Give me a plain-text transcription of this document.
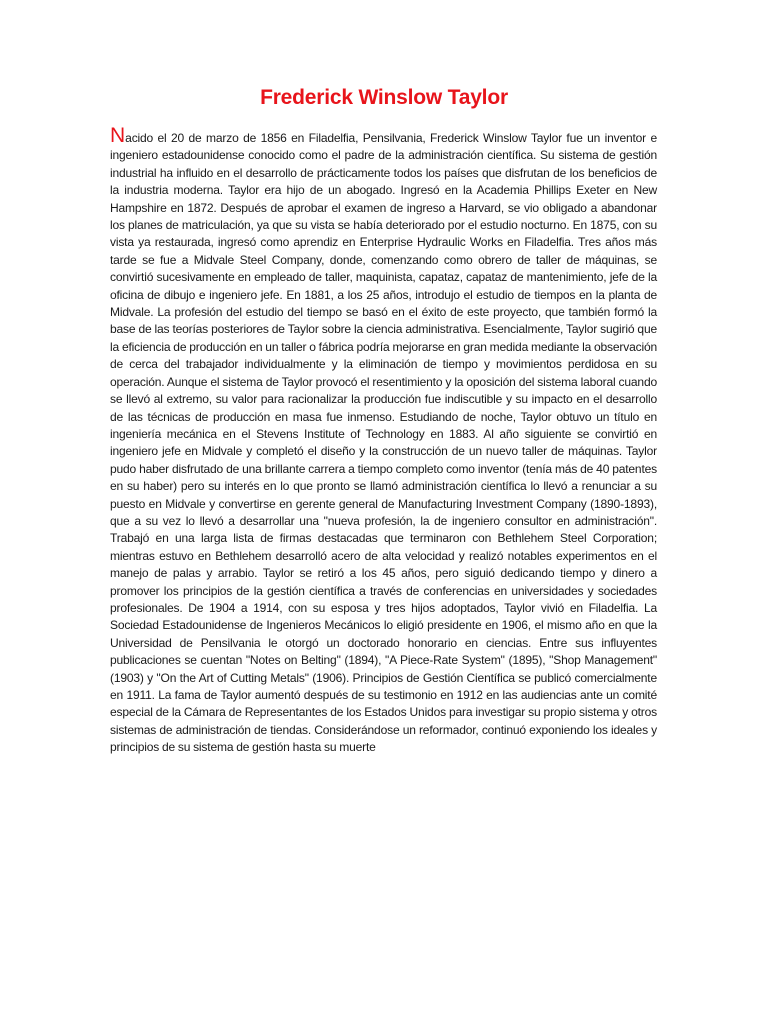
Frederick Winslow Taylor

Nacido el 20 de marzo de 1856 en Filadelfia, Pensilvania, Frederick Winslow Taylor fue un inventor e ingeniero estadounidense conocido como el padre de la administración científica. Su sistema de gestión industrial ha influido en el desarrollo de prácticamente todos los países que disfrutan de los beneficios de la industria moderna. Taylor era hijo de un abogado. Ingresó en la Academia Phillips Exeter en New Hampshire en 1872. Después de aprobar el examen de ingreso a Harvard, se vio obligado a abandonar los planes de matriculación, ya que su vista se había deteriorado por el estudio nocturno. En 1875, con su vista ya restaurada, ingresó como aprendiz en Enterprise Hydraulic Works en Filadelfia. Tres años más tarde se fue a Midvale Steel Company, donde, comenzando como obrero de taller de máquinas, se convirtió sucesivamente en empleado de taller, maquinista, capataz, capataz de mantenimiento, jefe de la oficina de dibujo e ingeniero jefe. En 1881, a los 25 años, introdujo el estudio de tiempos en la planta de Midvale. La profesión del estudio del tiempo se basó en el éxito de este proyecto, que también formó la base de las teorías posteriores de Taylor sobre la ciencia administrativa. Esencialmente, Taylor sugirió que la eficiencia de producción en un taller o fábrica podría mejorarse en gran medida mediante la observación de cerca del trabajador individualmente y la eliminación de tiempo y movimientos perdidosa en su operación. Aunque el sistema de Taylor provocó el resentimiento y la oposición del sistema laboral cuando se llevó al extremo, su valor para racionalizar la producción fue indiscutible y su impacto en el desarrollo de las técnicas de producción en masa fue inmenso. Estudiando de noche, Taylor obtuvo un título en ingeniería mecánica en el Stevens Institute of Technology en 1883. Al año siguiente se convirtió en ingeniero jefe en Midvale y completó el diseño y la construcción de un nuevo taller de máquinas. Taylor pudo haber disfrutado de una brillante carrera a tiempo completo como inventor (tenía más de 40 patentes en su haber) pero su interés en lo que pronto se llamó administración científica lo llevó a renunciar a su puesto en Midvale y convertirse en gerente general de Manufacturing Investment Company (1890-1893), que a su vez lo llevó a desarrollar una "nueva profesión, la de ingeniero consultor en administración". Trabajó en una larga lista de firmas destacadas que terminaron con Bethlehem Steel Corporation; mientras estuvo en Bethlehem desarrolló acero de alta velocidad y realizó notables experimentos en el manejo de palas y arrabio. Taylor se retiró a los 45 años, pero siguió dedicando tiempo y dinero a promover los principios de la gestión científica a través de conferencias en universidades y sociedades profesionales. De 1904 a 1914, con su esposa y tres hijos adoptados, Taylor vivió en Filadelfia. La Sociedad Estadounidense de Ingenieros Mecánicos lo eligió presidente en 1906, el mismo año en que la Universidad de Pensilvania le otorgó un doctorado honorario en ciencias. Entre sus influyentes publicaciones se cuentan "Notes on Belting" (1894), "A Piece-Rate System" (1895), "Shop Management" (1903) y "On the Art of Cutting Metals" (1906). Principios de Gestión Científica se publicó comercialmente en 1911. La fama de Taylor aumentó después de su testimonio en 1912 en las audiencias ante un comité especial de la Cámara de Representantes de los Estados Unidos para investigar su propio sistema y otros sistemas de administración de tiendas. Considerándose un reformador, continuó exponiendo los ideales y principios de su sistema de gestión hasta su muerte
